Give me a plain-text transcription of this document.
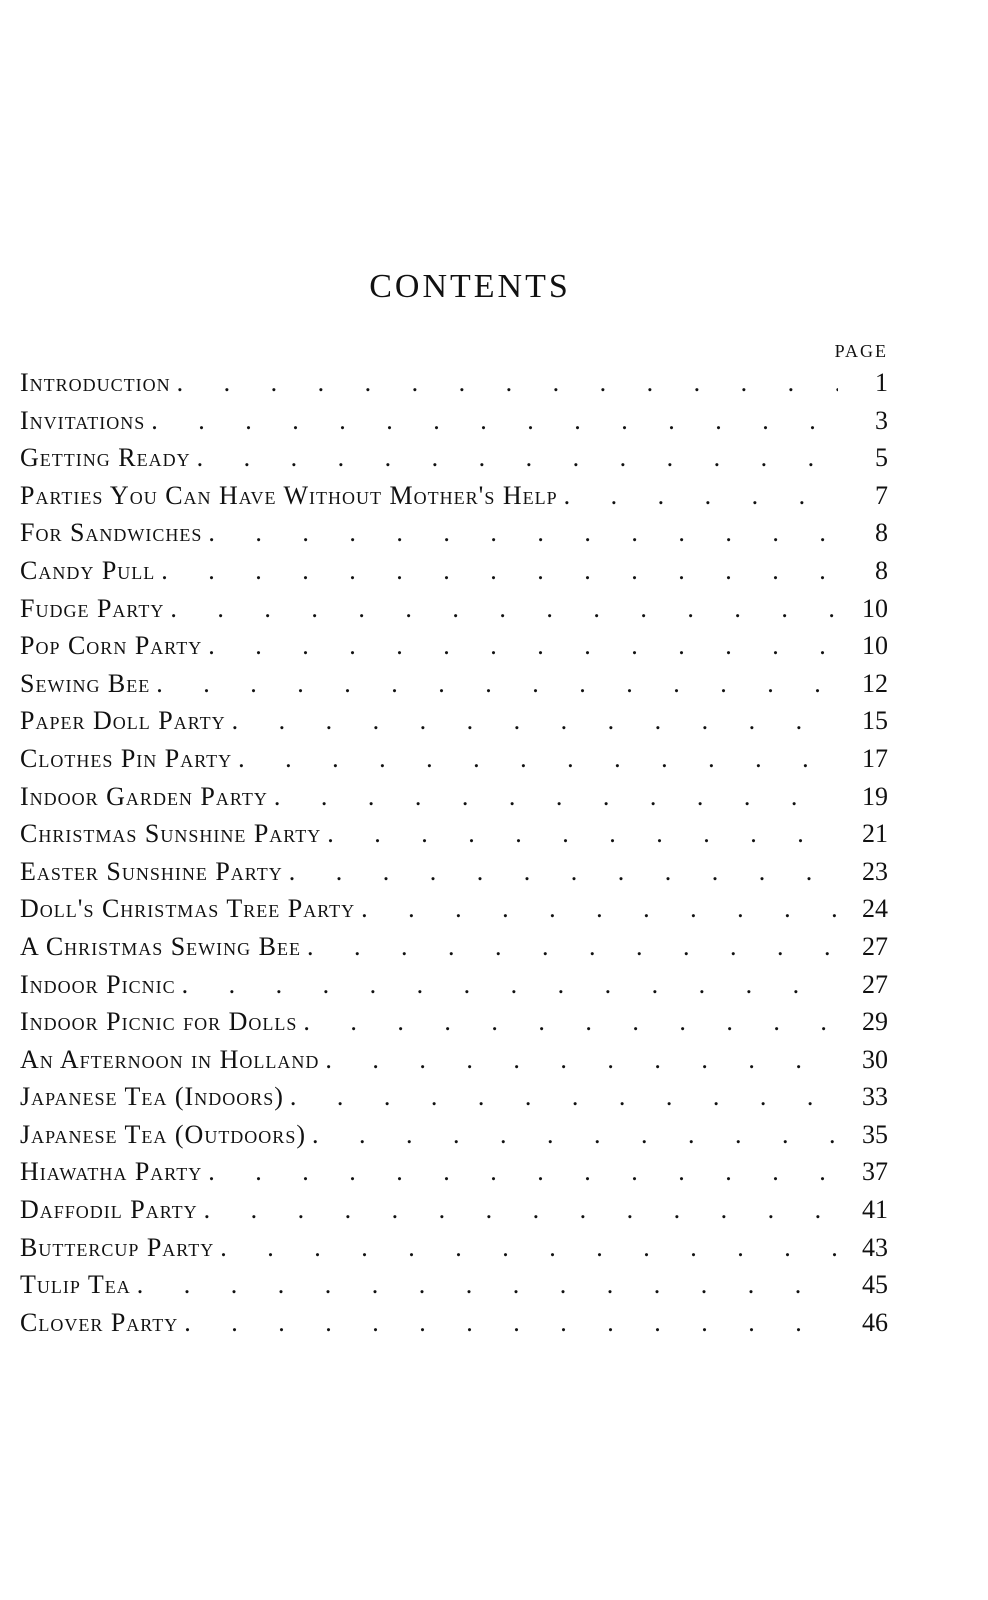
CONTENTS
PAGE
Introduction . . .	1
Invitations . . .	3
Getting Ready . . .	5
Parties You Can Have Without Mother's Help . . .	7
For Sandwiches . . .	8
Candy Pull . . .	8
Fudge Party . . .	10
Pop Corn Party . . .	10
Sewing Bee . . .	12
Paper Doll Party . . .	15
Clothes Pin Party . . .	17
Indoor Garden Party . . .	19
Christmas Sunshine Party . . .	21
Easter Sunshine Party . . .	23
Doll's Christmas Tree Party . . .	24
A Christmas Sewing Bee . . .	27
Indoor Picnic . . .	27
Indoor Picnic for Dolls . . .	29
An Afternoon in Holland . . .	30
Japanese Tea (Indoors) . . .	33
Japanese Tea (Outdoors) . . .	35
Hiawatha Party . . .	37
Daffodil Party . . .	41
Buttercup Party . . .	43
Tulip Tea . . .	45
Clover Party . . .	46
